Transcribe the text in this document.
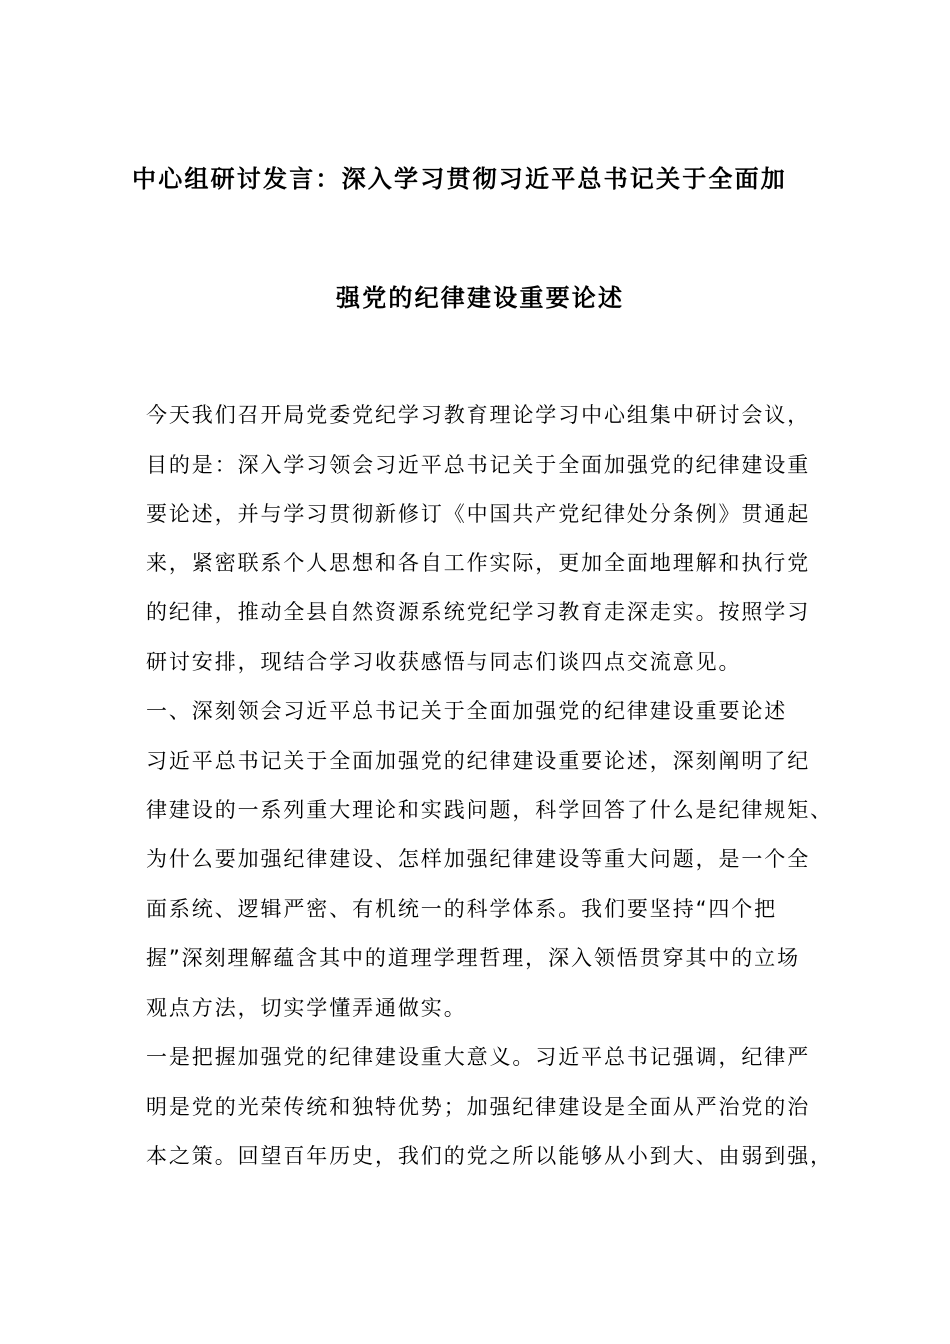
中心组研讨发言：深入学习贯彻习近平总书记关于全面加
强党的纪律建设重要论述
今天我们召开局党委党纪学习教育理论学习中心组集中研讨会议，
目的是：深入学习领会习近平总书记关于全面加强党的纪律建设重
要论述，并与学习贯彻新修订《中国共产党纪律处分条例》贯通起
来，紧密联系个人思想和各自工作实际，更加全面地理解和执行党
的纪律，推动全县自然资源系统党纪学习教育走深走实。按照学习
研讨安排，现结合学习收获感悟与同志们谈四点交流意见。
一、深刻领会习近平总书记关于全面加强党的纪律建设重要论述
习近平总书记关于全面加强党的纪律建设重要论述，深刻阐明了纪
律建设的一系列重大理论和实践问题，科学回答了什么是纪律规矩、
为什么要加强纪律建设、怎样加强纪律建设等重大问题，是一个全
面系统、逻辑严密、有机统一的科学体系。我们要坚持“四个把
握”深刻理解蕴含其中的道理学理哲理，深入领悟贯穿其中的立场
观点方法，切实学懂弄通做实。
一是把握加强党的纪律建设重大意义。习近平总书记强调，纪律严
明是党的光荣传统和独特优势；加强纪律建设是全面从严治党的治
本之策。回望百年历史，我们的党之所以能够从小到大、由弱到强，
